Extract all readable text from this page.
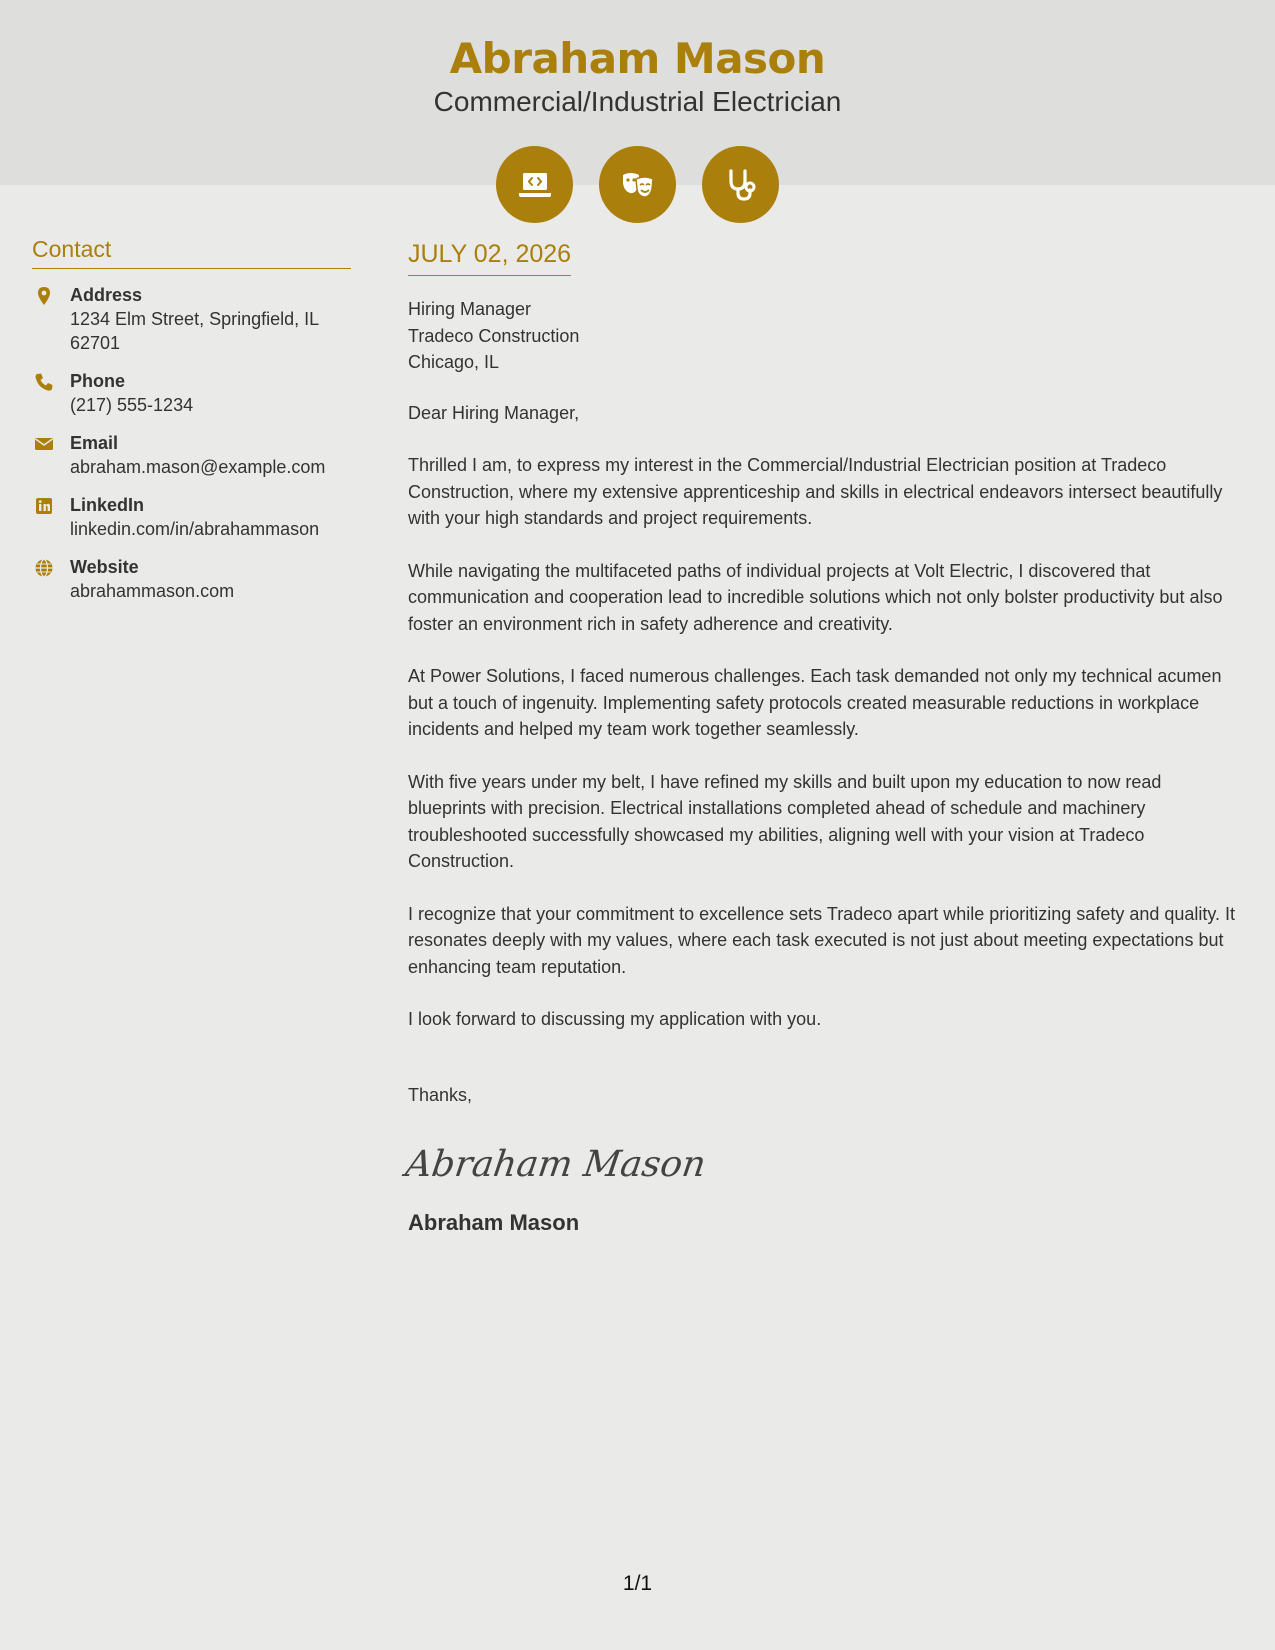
Abraham Mason
Commercial/Industrial Electrician
Contact
Address
1234 Elm Street, Springfield, IL 62701
Phone
(217) 555-1234
Email
abraham.mason@example.com
LinkedIn
linkedin.com/in/abrahammason
Website
abrahammason.com
JULY 02, 2026
Hiring Manager
Tradeco Construction
Chicago, IL
Dear Hiring Manager,

Thrilled I am, to express my interest in the Commercial/Industrial Electrician position at Tradeco Construction, where my extensive apprenticeship and skills in electrical endeavors intersect beautifully with your high standards and project requirements.

While navigating the multifaceted paths of individual projects at Volt Electric, I discovered that communication and cooperation lead to incredible solutions which not only bolster productivity but also foster an environment rich in safety adherence and creativity.

At Power Solutions, I faced numerous challenges. Each task demanded not only my technical acumen but a touch of ingenuity. Implementing safety protocols created measurable reductions in workplace incidents and helped my team work together seamlessly.

With five years under my belt, I have refined my skills and built upon my education to now read blueprints with precision. Electrical installations completed ahead of schedule and machinery troubleshooted successfully showcased my abilities, aligning well with your vision at Tradeco Construction.

I recognize that your commitment to excellence sets Tradeco apart while prioritizing safety and quality. It resonates deeply with my values, where each task executed is not just about meeting expectations but enhancing team reputation.

I look forward to discussing my application with you.

Thanks,
Abraham Mason
Abraham Mason
1/1
